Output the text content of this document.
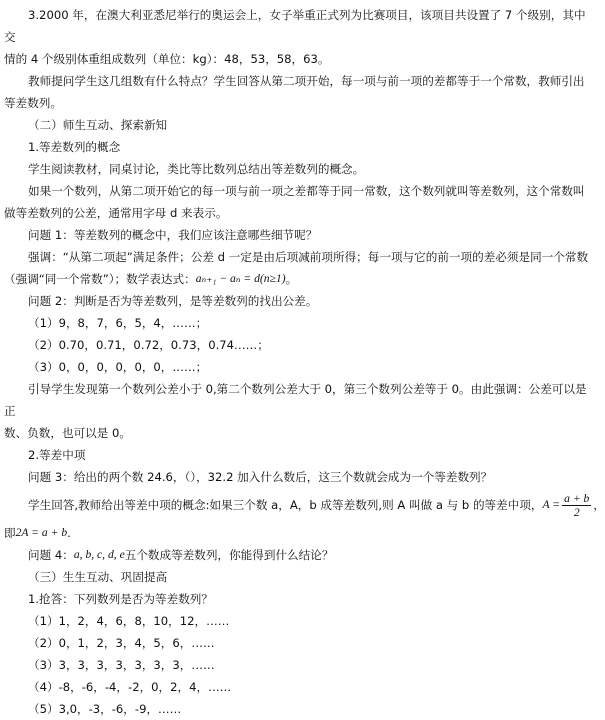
3.2000 年，在澳大利亚悉尼举行的奥运会上，女子举重正式列为比赛项目，该项目共设置了 7 个级别，其中交

情的 4 个级别体重组成数列（单位：kg）：48，53，58，63。

教师提问学生这几组数有什么特点？学生回答从第二项开始，每一项与前一项的差都等于一个常数，教师引出

等差数列。

（二）师生互动、探索新知

1.等差数列的概念

学生阅读教材，同桌讨论，类比等比数列总结出等差数列的概念。

如果一个数列，从第二项开始它的每一项与前一项之差都等于同一常数，这个数列就叫等差数列，这个常数叫

做等差数列的公差，通常用字母 d 来表示。

问题 1：等差数列的概念中，我们应该注意哪些细节呢？

强调：“从第二项起”满足条件；公差 d 一定是由后项减前项所得；每一项与它的前一项的差必须是同一个常数

（强调“同一个常数”）；数学表达式： aₙ₊₁ − aₙ = d(n≥1) 。

问题 2：判断是否为等差数列，是等差数列的找出公差。

（1）9，8，7，6，5，4，……；

（2）0.70，0.71，0.72，0.73，0.74……；

（3）0，0，0，0，0，0，……；

引导学生发现第一个数列公差小于 0,第二个数列公差大于 0，第三个数列公差等于 0。由此强调：公差可以是正

数、负数，也可以是 0。

2.等差中项

问题 3：给出的两个数 24.6，（），32.2 加入什么数后，这三个数就会成为一个等差数列？

学生回答,教师给出等差中项的概念:如果三个数 a，A，b 成等差数列,则 A 叫做 a 与 b 的等差中项， $A = \frac{a + b}{2}$ ，

即 2A = a + b .

问题 4： a, b, c, d, e 五个数成等差数列，你能得到什么结论？

（三）生生互动、巩固提高

1.抢答：下列数列是否为等差数列？

（1）1，2，4，6，8，10，12，……

（2）0，1，2，3，4，5，6，……

（3）3，3，3，3，3，3，3，……

（4）-8，-6，-4，-2，0，2，4，……

（5）3,0，-3，-6，-9，……
